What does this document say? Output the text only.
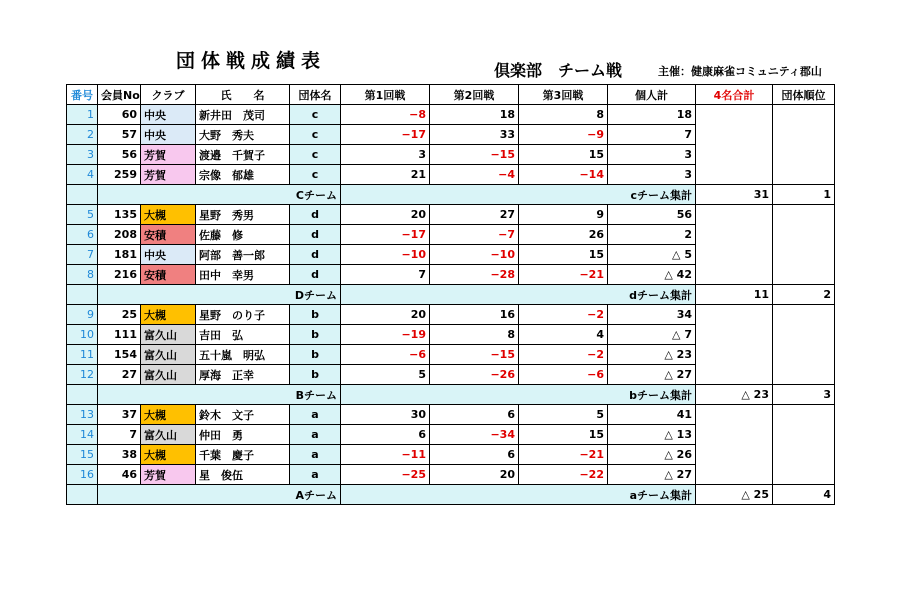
団体戦成績表	倶楽部　チーム戦	主催：健康麻雀コミュニティ郡山
番号	会員No	クラブ	氏　　名	団体名	第1回戦	第2回戦	第3回戦	個人計	4名合計	団体順位
1	60	中央	新井田　茂司	c	−8	18	8	18		
2	57	中央	大野　秀夫	c	−17	33	−9	7		
3	56	芳賀	渡邉　千賀子	c	3	−15	15	3		
4	259	芳賀	宗像　郁雄	c	21	−4	−14	3		
	Cチーム				cチーム集計				31	1
5	135	大槻	星野　秀男	d	20	27	9	56		
6	208	安積	佐藤　修	d	−17	−7	26	2		
7	181	中央	阿部　善一郎	d	−10	−10	15	△ 5		
8	216	安積	田中　幸男	d	7	−28	−21	△ 42		
	Dチーム				dチーム集計				11	2
9	25	大槻	星野　のり子	b	20	16	−2	34		
10	111	富久山	吉田　弘	b	−19	8	4	△ 7		
11	154	富久山	五十嵐　明弘	b	−6	−15	−2	△ 23		
12	27	富久山	厚海　正幸	b	5	−26	−6	△ 27		
	Bチーム				bチーム集計				△ 23	3
13	37	大槻	鈴木　文子	a	30	6	5	41		
14	7	富久山	仲田　勇	a	6	−34	15	△ 13		
15	38	大槻	千葉　慶子	a	−11	6	−21	△ 26		
16	46	芳賀	星　俊伍	a	−25	20	−22	△ 27		
	Aチーム				aチーム集計				△ 25	4
